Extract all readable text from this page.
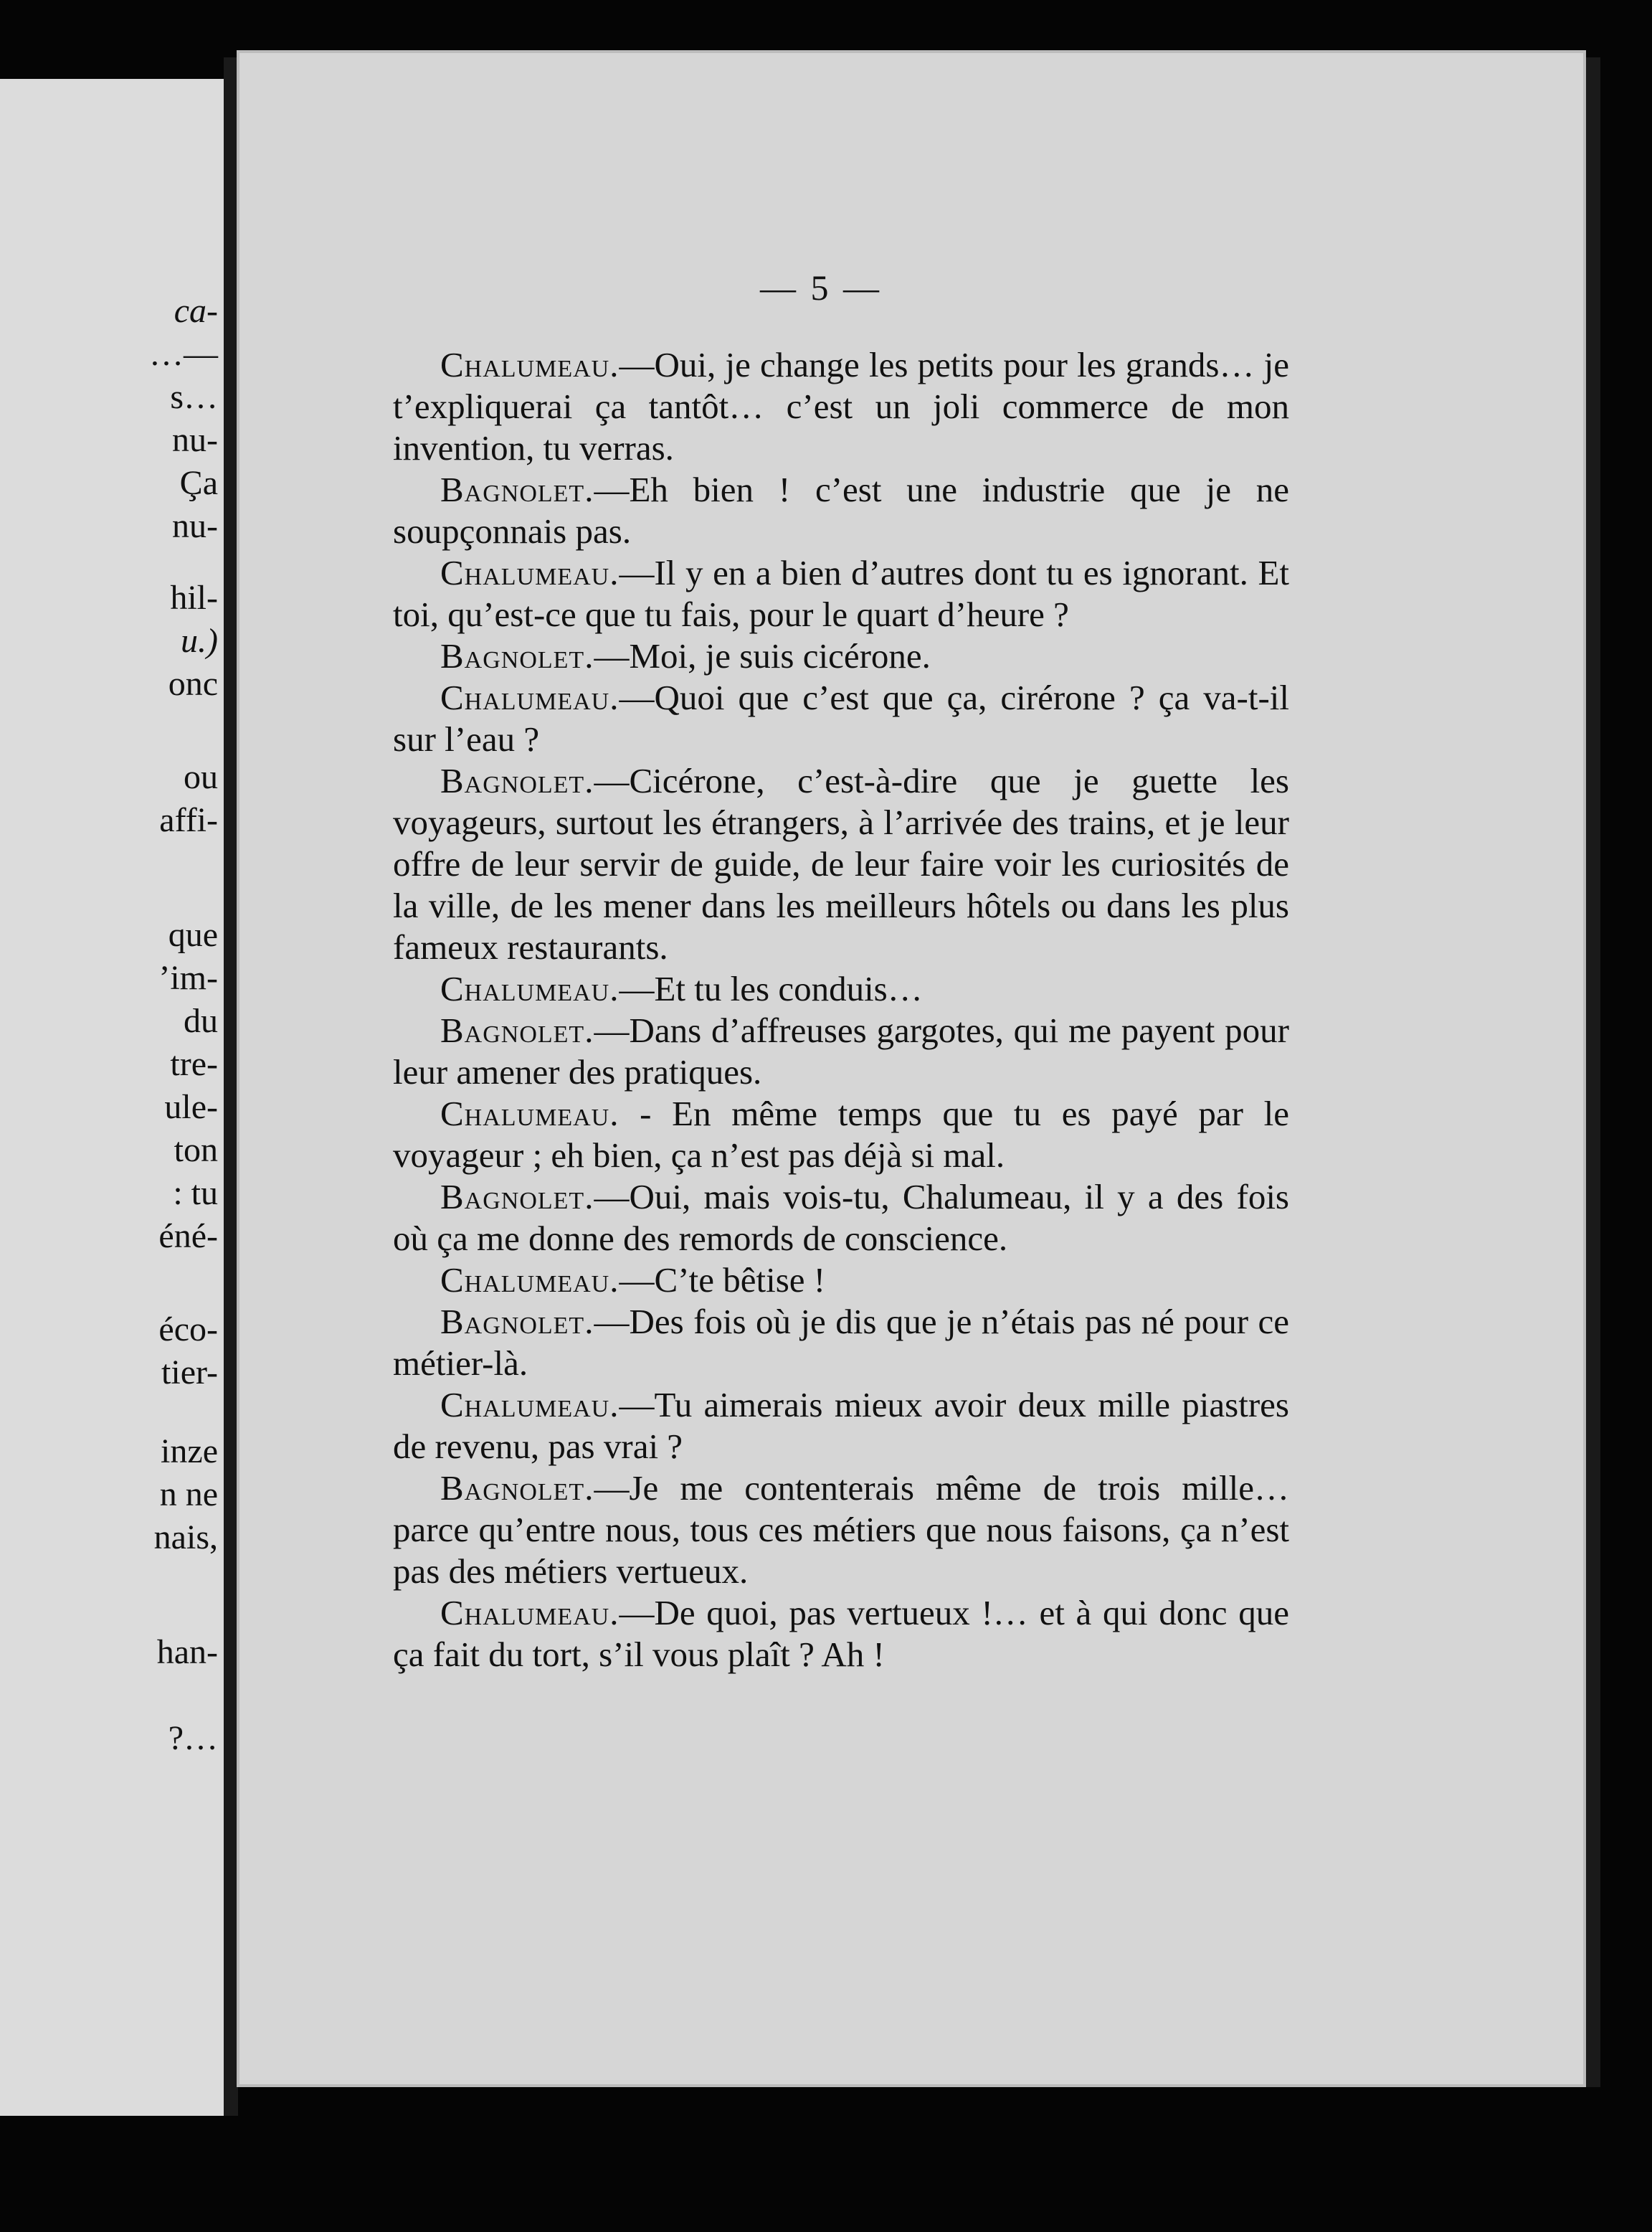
ca-
…—
s…
nu-
Ça
nu-
hil-
u.)
onc
ou
affi-
que
’im-
du
tre-
ule-
ton
: tu
éné-
éco-
tier-
inze
n ne
nais,
han-
?…
— 5 —

Chalumeau.—Oui, je change les petits pour les grands… je t’expliquerai ça tantôt… c’est un joli commerce de mon invention, tu verras.

Bagnolet.—Eh bien ! c’est une industrie que je ne soupçonnais pas.

Chalumeau.—Il y en a bien d’autres dont tu es ignorant. Et toi, qu’est-ce que tu fais, pour le quart d’heure ?

Bagnolet.—Moi, je suis cicérone.

Chalumeau.—Quoi que c’est que ça, cirérone ? ça va-t-il sur l’eau ?

Bagnolet.—Cicérone, c’est-à-dire que je guette les voyageurs, surtout les étrangers, à l’arrivée des trains, et je leur offre de leur servir de guide, de leur faire voir les curiosités de la ville, de les mener dans les meilleurs hôtels ou dans les plus fameux restaurants.

Chalumeau.—Et tu les conduis…

Bagnolet.—Dans d’affreuses gargotes, qui me payent pour leur amener des pratiques.

Chalumeau. - En même temps que tu es payé par le voyageur ; eh bien, ça n’est pas déjà si mal.

Bagnolet.—Oui, mais vois-tu, Chalumeau, il y a des fois où ça me donne des remords de conscience.

Chalumeau.—C’te bêtise !

Bagnolet.—Des fois où je dis que je n’étais pas né pour ce métier-là.

Chalumeau.—Tu aimerais mieux avoir deux mille piastres de revenu, pas vrai ?

Bagnolet.—Je me contenterais même de trois mille… parce qu’entre nous, tous ces métiers que nous faisons, ça n’est pas des métiers vertueux.

Chalumeau.—De quoi, pas vertueux !… et à qui donc que ça fait du tort, s’il vous plaît ? Ah !
